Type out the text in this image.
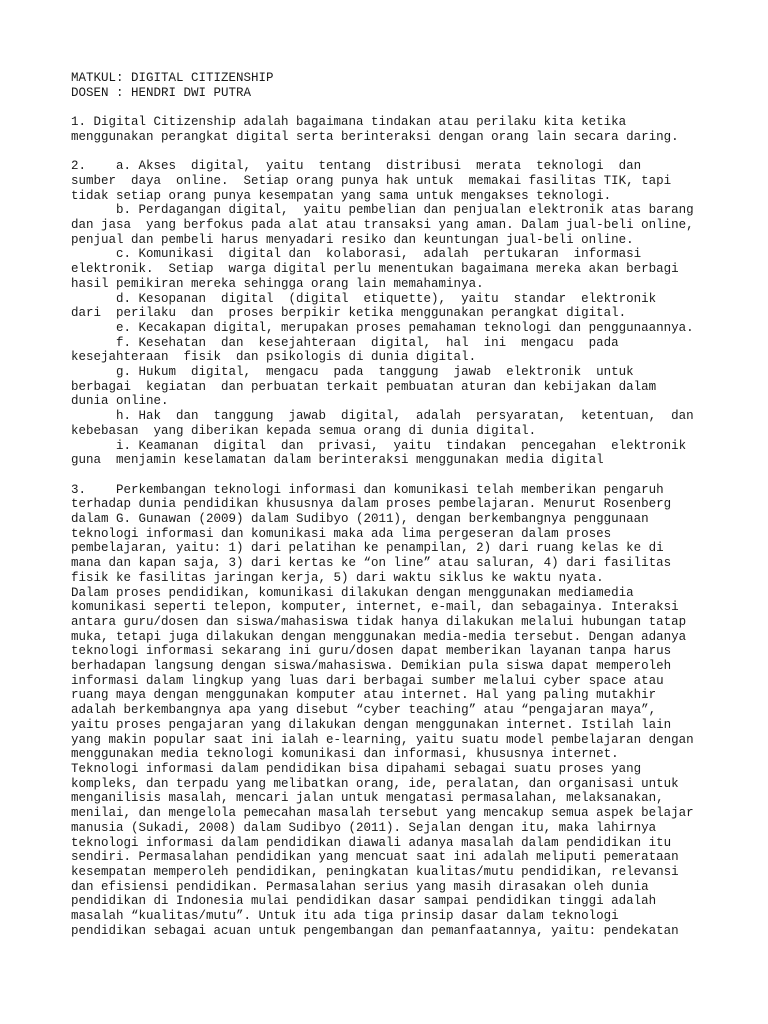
MATKUL: DIGITAL CITIZENSHIP
DOSEN : HENDRI DWI PUTRA
1. Digital Citizenship adalah bagaimana tindakan atau perilaku kita ketika
menggunakan perangkat digital serta berinteraksi dengan orang lain secara daring.
2.    a. Akses  digital,  yaitu  tentang  distribusi  merata  teknologi  dan
sumber  daya  online.  Setiap orang punya hak untuk  memakai fasilitas TIK, tapi
tidak setiap orang punya kesempatan yang sama untuk mengakses teknologi.
b. Perdagangan digital,  yaitu pembelian dan penjualan elektronik atas barang
dan jasa  yang berfokus pada alat atau transaksi yang aman. Dalam jual-beli online,
penjual dan pembeli harus menyadari resiko dan keuntungan jual-beli online.
c. Komunikasi  digital dan  kolaborasi,  adalah  pertukaran  informasi
elektronik.  Setiap  warga digital perlu menentukan bagaimana mereka akan berbagi
hasil pemikiran mereka sehingga orang lain memahaminya.
d. Kesopanan  digital  (digital  etiquette),  yaitu  standar  elektronik
dari  perilaku  dan  proses berpikir ketika menggunakan perangkat digital.
e. Kecakapan digital, merupakan proses pemahaman teknologi dan penggunaannya.
f. Kesehatan  dan  kesejahteraan  digital,  hal  ini  mengacu  pada
kesejahteraan  fisik  dan psikologis di dunia digital.
g. Hukum  digital,  mengacu  pada  tanggung  jawab  elektronik  untuk
berbagai  kegiatan  dan perbuatan terkait pembuatan aturan dan kebijakan dalam
dunia online.
h. Hak  dan  tanggung  jawab  digital,  adalah  persyaratan,  ketentuan,  dan
kebebasan  yang diberikan kepada semua orang di dunia digital.
i. Keamanan  digital  dan  privasi,  yaitu  tindakan  pencegahan  elektronik
guna  menjamin keselamatan dalam berinteraksi menggunakan media digital
3.    Perkembangan teknologi informasi dan komunikasi telah memberikan pengaruh
terhadap dunia pendidikan khususnya dalam proses pembelajaran. Menurut Rosenberg
dalam G. Gunawan (2009) dalam Sudibyo (2011), dengan berkembangnya penggunaan
teknologi informasi dan komunikasi maka ada lima pergeseran dalam proses
pembelajaran, yaitu: 1) dari pelatihan ke penampilan, 2) dari ruang kelas ke di
mana dan kapan saja, 3) dari kertas ke “on line” atau saluran, 4) dari fasilitas
fisik ke fasilitas jaringan kerja, 5) dari waktu siklus ke waktu nyata.
Dalam proses pendidikan, komunikasi dilakukan dengan menggunakan mediamedia
komunikasi seperti telepon, komputer, internet, e-mail, dan sebagainya. Interaksi
antara guru/dosen dan siswa/mahasiswa tidak hanya dilakukan melalui hubungan tatap
muka, tetapi juga dilakukan dengan menggunakan media-media tersebut. Dengan adanya
teknologi informasi sekarang ini guru/dosen dapat memberikan layanan tanpa harus
berhadapan langsung dengan siswa/mahasiswa. Demikian pula siswa dapat memperoleh
informasi dalam lingkup yang luas dari berbagai sumber melalui cyber space atau
ruang maya dengan menggunakan komputer atau internet. Hal yang paling mutakhir
adalah berkembangnya apa yang disebut “cyber teaching” atau “pengajaran maya”,
yaitu proses pengajaran yang dilakukan dengan menggunakan internet. Istilah lain
yang makin popular saat ini ialah e-learning, yaitu suatu model pembelajaran dengan
menggunakan media teknologi komunikasi dan informasi, khususnya internet.
Teknologi informasi dalam pendidikan bisa dipahami sebagai suatu proses yang
kompleks, dan terpadu yang melibatkan orang, ide, peralatan, dan organisasi untuk
menganilisis masalah, mencari jalan untuk mengatasi permasalahan, melaksanakan,
menilai, dan mengelola pemecahan masalah tersebut yang mencakup semua aspek belajar
manusia (Sukadi, 2008) dalam Sudibyo (2011). Sejalan dengan itu, maka lahirnya
teknologi informasi dalam pendidikan diawali adanya masalah dalam pendidikan itu
sendiri. Permasalahan pendidikan yang mencuat saat ini adalah meliputi pemerataan
kesempatan memperoleh pendidikan, peningkatan kualitas/mutu pendidikan, relevansi
dan efisiensi pendidikan. Permasalahan serius yang masih dirasakan oleh dunia
pendidikan di Indonesia mulai pendidikan dasar sampai pendidikan tinggi adalah
masalah “kualitas/mutu”. Untuk itu ada tiga prinsip dasar dalam teknologi
pendidikan sebagai acuan untuk pengembangan dan pemanfaatannya, yaitu: pendekatan
